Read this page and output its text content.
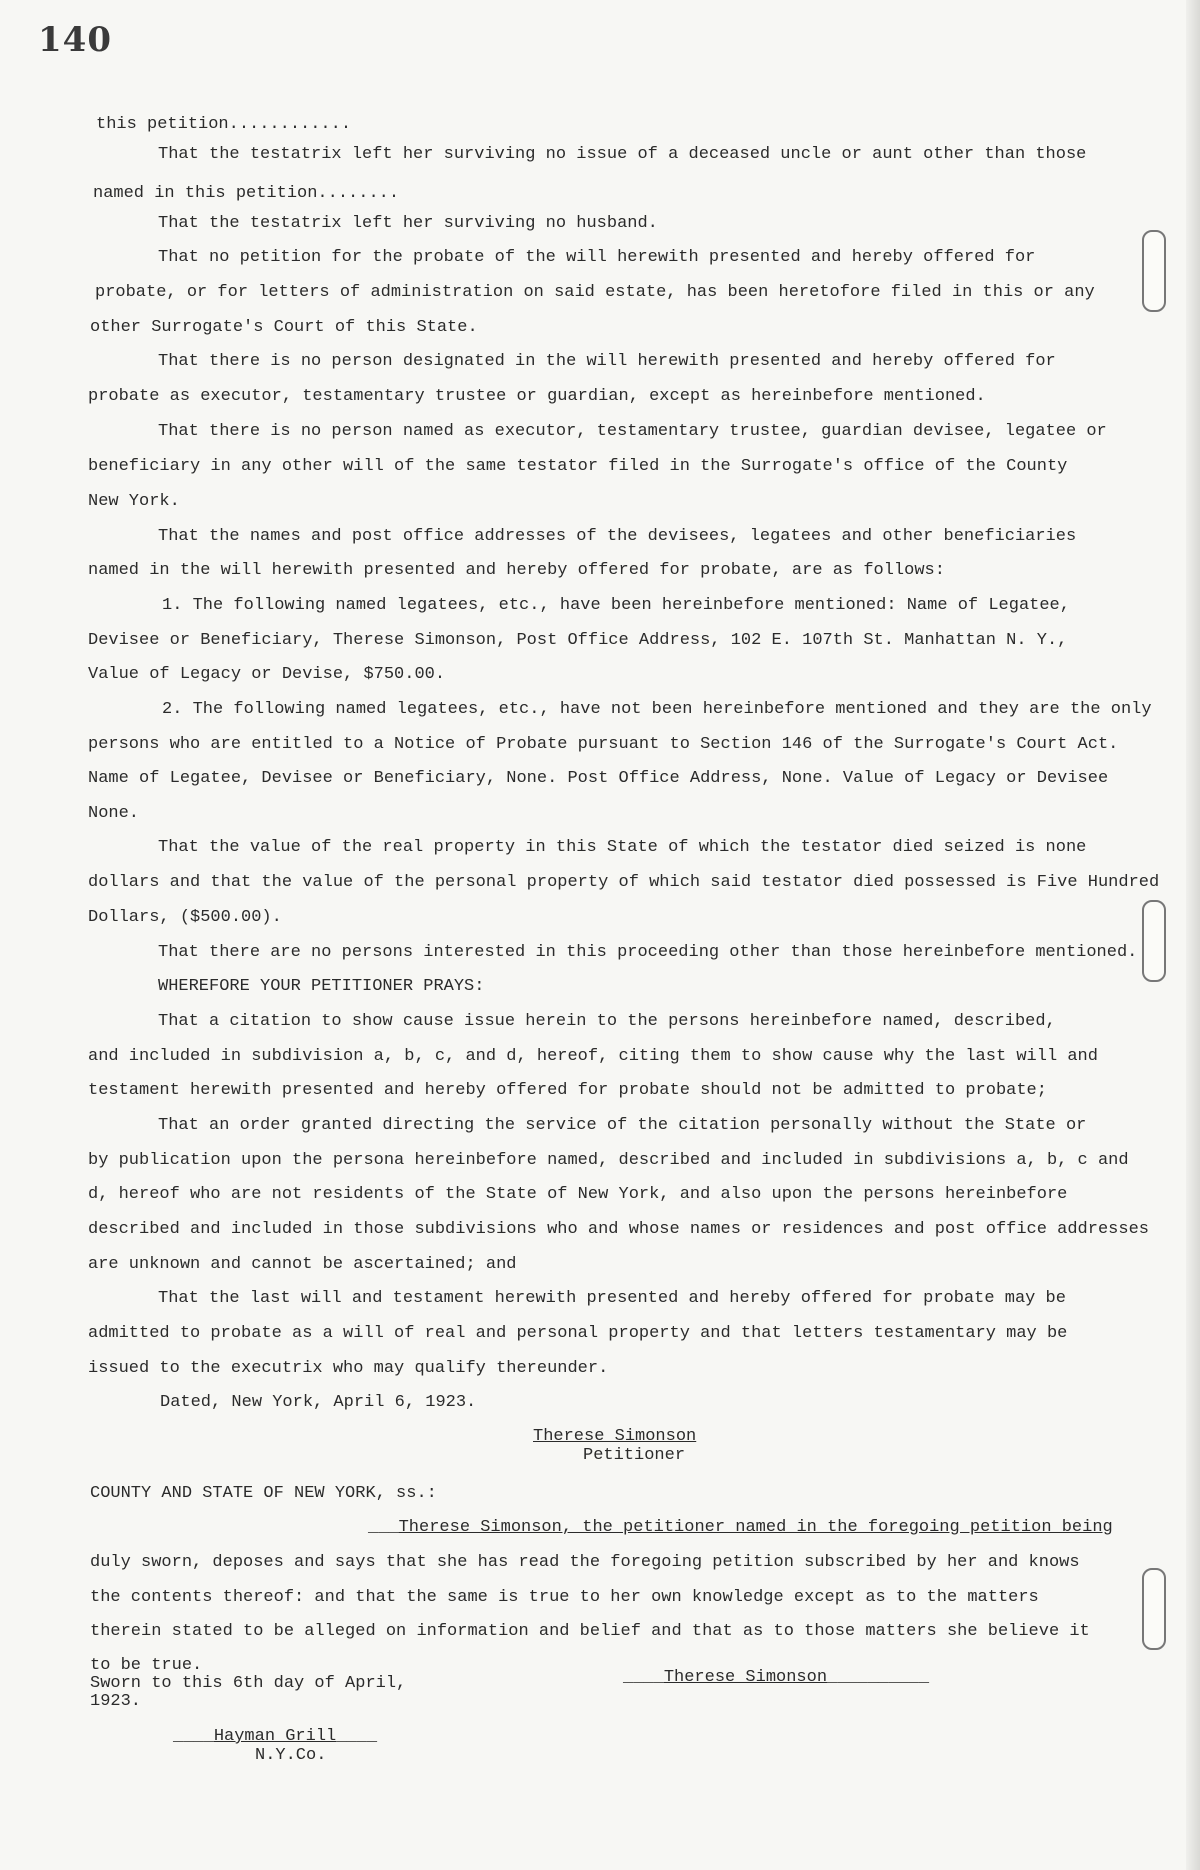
140
this petition............
That the testatrix left her surviving no issue of a deceased uncle or aunt other than those
named in this petition........
That the testatrix left her surviving no husband.
That no petition for the probate of the will herewith presented and hereby offered for
probate, or for letters of administration on said estate, has been heretofore filed in this or any
other Surrogate's Court of this State.
That there is no person designated in the will herewith presented and hereby offered for
probate as executor, testamentary trustee or guardian, except as hereinbefore mentioned.
That there is no person named as executor, testamentary trustee, guardian devisee, legatee or
beneficiary in any other will of the same testator filed in the Surrogate's office of the County
New York.
That the names and post office addresses of the devisees, legatees and other beneficiaries
named in the will herewith presented and hereby offered for probate, are as follows:
1. The following named legatees, etc., have been hereinbefore mentioned: Name of Legatee,
Devisee or Beneficiary, Therese Simonson, Post Office Address, 102 E. 107th St. Manhattan N. Y.,
Value of Legacy or Devise, $750.00.
2. The following named legatees, etc., have not been hereinbefore mentioned and they are the only
persons who are entitled to a Notice of Probate pursuant to Section 146 of the Surrogate's Court Act.
Name of Legatee, Devisee or Beneficiary, None. Post Office Address, None. Value of Legacy or Devisee
None.
That the value of the real property in this State of which the testator died seized is none
dollars and that the value of the personal property of which said testator died possessed is Five Hundred
Dollars, ($500.00).
That there are no persons interested in this proceeding other than those hereinbefore mentioned.
WHEREFORE YOUR PETITIONER PRAYS:
That a citation to show cause issue herein to the persons hereinbefore named, described,
and included in subdivision a, b, c, and d, hereof, citing them to show cause why the last will and
testament herewith presented and hereby offered for probate should not be admitted to probate;
That an order granted directing the service of the citation personally without the State or
by publication upon the persona hereinbefore named, described and included in subdivisions a, b, c and
d, hereof who are not residents of the State of New York, and also upon the persons hereinbefore
described and included in those subdivisions who and whose names or residences and post office addresses
are unknown and cannot be ascertained; and
That the last will and testament herewith presented and hereby offered for probate may be
admitted to probate as a will of real and personal property and that letters testamentary may be
issued to the executrix who may qualify thereunder.
Dated, New York, April 6, 1923.
Therese Simonson
Petitioner
COUNTY AND STATE OF NEW YORK, ss.:
___Therese Simonson, the petitioner named in the foregoing petition being
duly sworn, deposes and says that she has read the foregoing petition subscribed by her and knows
the contents thereof: and that the same is true to her own knowledge except as to the matters
therein stated to be alleged on information and belief and that as to those matters she believe it
to be true.
Sworn to this 6th day of April,
1923.
____Therese Simonson__________
____Hayman Grill____
N.Y.Co.
